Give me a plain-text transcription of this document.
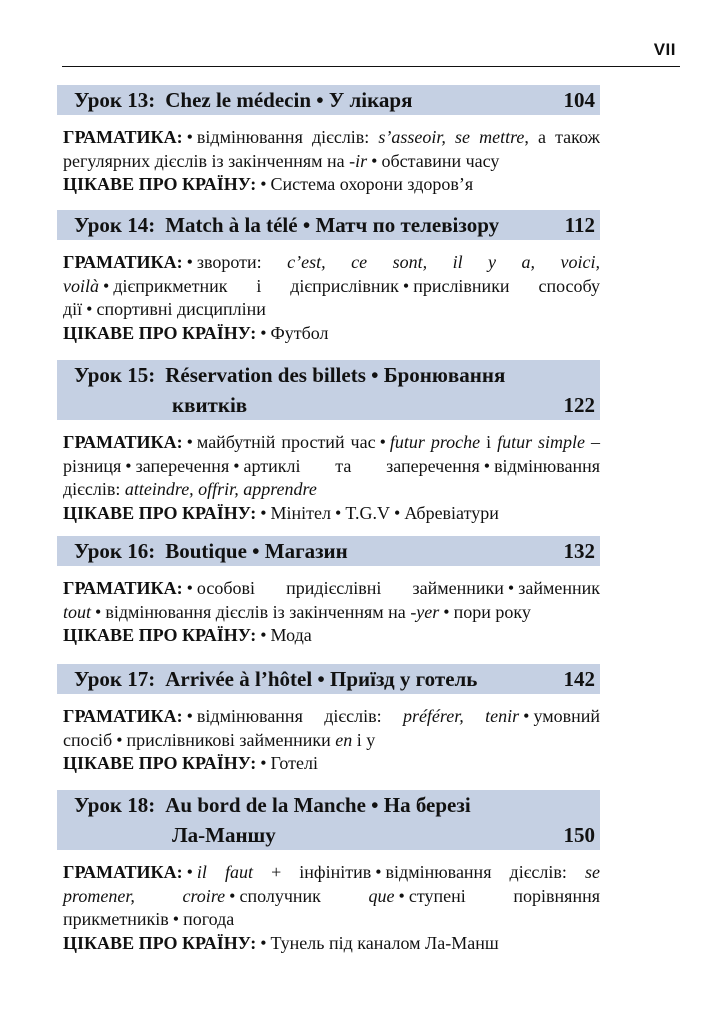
VII
Урок 13: Chez le médecin • У лікаря	104

ГРАМАТИКА: • відмінювання дієслів: s’asseoir, se mettre, а також регулярних дієслів із закінченням на -ir • обставини часу

ЦІКАВЕ ПРО КРАЇНУ: • Система охорони здоров’я

Урок 14: Match à la télé • Матч по телевізору	112

ГРАМАТИКА: • звороти: c’est, ce sont, il y a, voici, voilà • дієприкметник і дієприслівник • прислівники способу дії • спортивні дисципліни

ЦІКАВЕ ПРО КРАЇНУ: • Футбол

Урок 15: Réservation des billets • Бронювання
квитків	122

ГРАМАТИКА: • майбутній простий час • futur proche і futur simple – різниця • заперечення • артиклі та заперечення • відмінювання дієслів: atteindre, offrir, apprendre

ЦІКАВЕ ПРО КРАЇНУ: • Мінітел • T.G.V • Абревіатури

Урок 16: Boutique • Магазин	132

ГРАМАТИКА: • особові придієслівні займенники • займенник tout • відмінювання дієслів із закінченням на -yer • пори року

ЦІКАВЕ ПРО КРАЇНУ: • Мода

Урок 17: Arrivée à l’hôtel • Приїзд у готель	142

ГРАМАТИКА: • відмінювання дієслів: préférer, tenir • умовний спосіб • прислівникові займенники en і y

ЦІКАВЕ ПРО КРАЇНУ: • Готелі

Урок 18: Au bord de la Manche • На березі
Ла-Маншу	150

ГРАМАТИКА: • il faut + інфінітив • відмінювання дієслів: se promener, croire • сполучник que • ступені порівняння прикметників • погода

ЦІКАВЕ ПРО КРАЇНУ: • Тунель під каналом Ла-Манш
